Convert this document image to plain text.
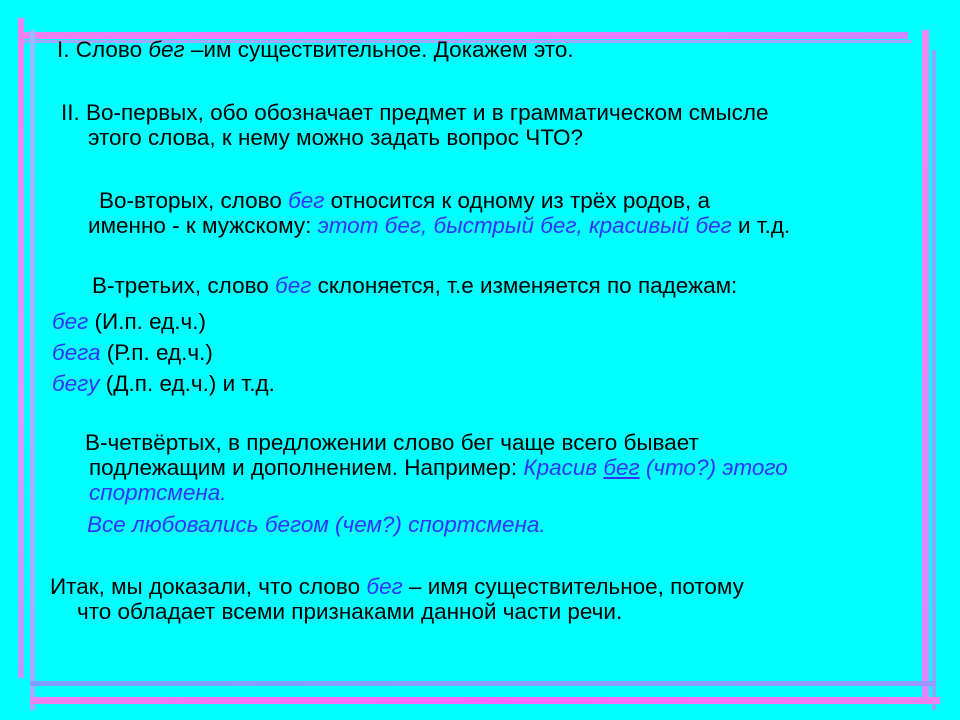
I. Слово бег –им существительное. Докажем это.
II. Во-первых, обо обозначает предмет и в грамматическом смысле
этого слова, к нему можно задать вопрос ЧТО?
Во-вторых, слово бег относится к одному из трёх родов, а
именно - к мужскому: этот бег, быстрый бег, красивый бег и т.д.
В-третьих, слово бег склоняется, т.е изменяется по падежам:
бег (И.п. ед.ч.)
бега (Р.п. ед.ч.)
бегу (Д.п. ед.ч.) и т.д.
В-четвёртых, в предложении слово бег чаще всего бывает
подлежащим и дополнением. Например: Красив бег (что?) этого
спортсмена.
Все любовались бегом (чем?) спортсмена.
Итак, мы доказали, что слово бег – имя существительное, потому
что обладает всеми признаками данной части речи.
